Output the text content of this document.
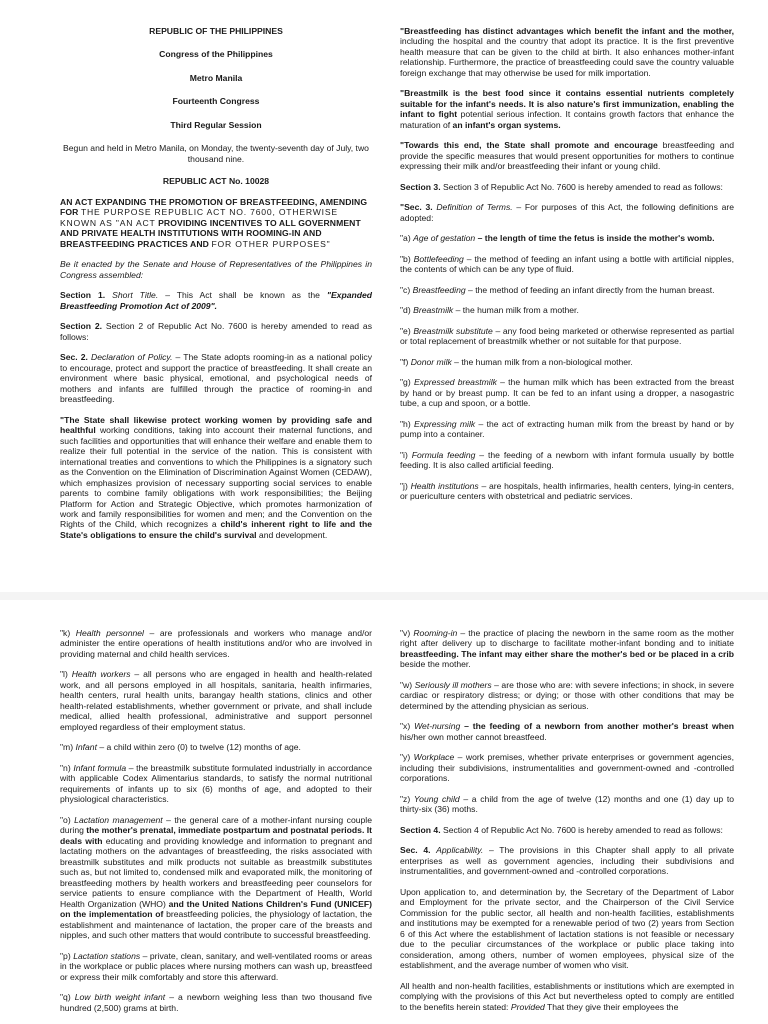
REPUBLIC OF THE PHILIPPINES

Congress of the Philippines

Metro Manila

Fourteenth Congress

Third Regular Session

Begun and held in Metro Manila, on Monday, the twenty-seventh day of July, two thousand nine.

REPUBLIC ACT No. 10028

AN ACT EXPANDING THE PROMOTION OF BREASTFEEDING, AMENDING FOR THE PURPOSE REPUBLIC ACT NO. 7600, OTHERWISE KNOWN AS "AN ACT PROVIDING INCENTIVES TO ALL GOVERNMENT AND PRIVATE HEALTH INSTITUTIONS WITH ROOMING-IN AND BREASTFEEDING PRACTICES AND FOR OTHER PURPOSES"

Be it enacted by the Senate and House of Representatives of the Philippines in Congress assembled:

Section 1. Short Title. – This Act shall be known as the "Expanded Breastfeeding Promotion Act of 2009".

Section 2. Section 2 of Republic Act No. 7600 is hereby amended to read as follows:

Sec. 2. Declaration of Policy. – The State adopts rooming-in as a national policy to encourage, protect and support the practice of breastfeeding. It shall create an environment where basic physical, emotional, and psychological needs of mothers and infants are fulfilled through the practice of rooming-in and breastfeeding.

"The State shall likewise protect working women by providing safe and healthful working conditions, taking into account their maternal functions, and such facilities and opportunities that will enhance their welfare and enable them to realize their full potential in the service of the nation. This is consistent with international treaties and conventions to which the Philippines is a signatory such as the Convention on the Elimination of Discrimination Against Women (CEDAW), which emphasizes provision of necessary supporting social services to enable parents to combine family obligations with work responsibilities; the Beijing Platform for Action and Strategic Objective, which promotes harmonization of work and family responsibilities for women and men; and the Convention on the Rights of the Child, which recognizes a child's inherent right to life and the State's obligations to ensure the child's survival and development.

"Breastfeeding has distinct advantages which benefit the infant and the mother, including the hospital and the country that adopt its practice. It is the first preventive health measure that can be given to the child at birth. It also enhances mother-infant relationship. Furthermore, the practice of breastfeeding could save the country valuable foreign exchange that may otherwise be used for milk importation.

"Breastmilk is the best food since it contains essential nutrients completely suitable for the infant's needs. It is also nature's first immunization, enabling the infant to fight potential serious infection. It contains growth factors that enhance the maturation of an infant's organ systems.

"Towards this end, the State shall promote and encourage breastfeeding and provide the specific measures that would present opportunities for mothers to continue expressing their milk and/or breastfeeding their infant or young child.

Section 3. Section 3 of Republic Act No. 7600 is hereby amended to read as follows:

"Sec. 3. Definition of Terms. – For purposes of this Act, the following definitions are adopted:

"a) Age of gestation – the length of time the fetus is inside the mother's womb.

"b) Bottlefeeding – the method of feeding an infant using a bottle with artificial nipples, the contents of which can be any type of fluid.

"c) Breastfeeding – the method of feeding an infant directly from the human breast.

"d) Breastmilk – the human milk from a mother.

"e) Breastmilk substitute – any food being marketed or otherwise represented as partial or total replacement of breastmilk whether or not suitable for that purpose.

"f) Donor milk – the human milk from a non-biological mother.

"g) Expressed breastmilk – the human milk which has been extracted from the breast by hand or by breast pump. It can be fed to an infant using a dropper, a nasogastric tube, a cup and spoon, or a bottle.

"h) Expressing milk – the act of extracting human milk from the breast by hand or by pump into a container.

"i) Formula feeding – the feeding of a newborn with infant formula usually by bottle feeding. It is also called artificial feeding.

"j) Health institutions – are hospitals, health infirmaries, health centers, lying-in centers, or puericulture centers with obstetrical and pediatric services.

"k) Health personnel – are professionals and workers who manage and/or administer the entire operations of health institutions and/or who are involved in providing maternal and child health services.

"l) Health workers – all persons who are engaged in health and health-related work, and all persons employed in all hospitals, sanitaria, health infirmaries, health centers, rural health units, barangay health stations, clinics and other health-related establishments, whether government or private, and shall include medical, allied health professional, administrative and support personnel employed regardless of their employment status.

"m) Infant – a child within zero (0) to twelve (12) months of age.

"n) Infant formula – the breastmilk substitute formulated industrially in accordance with applicable Codex Alimentarius standards, to satisfy the normal nutritional requirements of infants up to six (6) months of age, and adopted to their physiological characteristics.

"o) Lactation management – the general care of a mother-infant nursing couple during the mother's prenatal, immediate postpartum and postnatal periods. It deals with educating and providing knowledge and information to pregnant and lactating mothers on the advantages of breastfeeding, the risks associated with breastmilk substitutes and milk products not suitable as breastmilk substitutes such as, but not limited to, condensed milk and evaporated milk, the monitoring of breastfeeding mothers by health workers and breastfeeding peer counselors for service patients to ensure compliance with the Department of Health, World Health Organization (WHO) and the United Nations Children's Fund (UNICEF) on the implementation of breastfeeding policies, the physiology of lactation, the establishment and maintenance of lactation, the proper care of the breasts and nipples, and such other matters that would contribute to successful breastfeeding.

"p) Lactation stations – private, clean, sanitary, and well-ventilated rooms or areas in the workplace or public places where nursing mothers can wash up, breastfeed or express their milk comfortably and store this afterward.

"q) Low birth weight infant – a newborn weighing less than two thousand five hundred (2,500) grams at birth.

"v) Rooming-in – the practice of placing the newborn in the same room as the mother right after delivery up to discharge to facilitate mother-infant bonding and to initiate breastfeeding. The infant may either share the mother's bed or be placed in a crib beside the mother.

"w) Seriously ill mothers – are those who are: with severe infections; in shock, in severe cardiac or respiratory distress; or dying; or those with other conditions that may be determined by the attending physician as serious.

"x) Wet-nursing – the feeding of a newborn from another mother's breast when his/her own mother cannot breastfeed.

"y) Workplace – work premises, whether private enterprises or government agencies, including their subdivisions, instrumentalities and government-owned and -controlled corporations.

"z) Young child – a child from the age of twelve (12) months and one (1) day up to thirty-six (36) moths.

Section 4. Section 4 of Republic Act No. 7600 is hereby amended to read as follows:

Sec. 4. Applicability. – The provisions in this Chapter shall apply to all private enterprises as well as government agencies, including their subdivisions and instrumentalities, and government-owned and -controlled corporations.

Upon application to, and determination by, the Secretary of the Department of Labor and Employment for the private sector, and the Chairperson of the Civil Service Commission for the public sector, all health and non-health facilities, establishments and institutions may be exempted for a renewable period of two (2) years from Section 6 of this Act where the establishment of lactation stations is not feasible or necessary due to the peculiar circumstances of the workplace or public place taking into consideration, among others, number of women employees, physical size of the establishment, and the average number of women who visit.

All health and non-health facilities, establishments or institutions which are exempted in complying with the provisions of this Act but nevertheless opted to comply are entitled to the benefits herein stated: Provided That they give their employees the
